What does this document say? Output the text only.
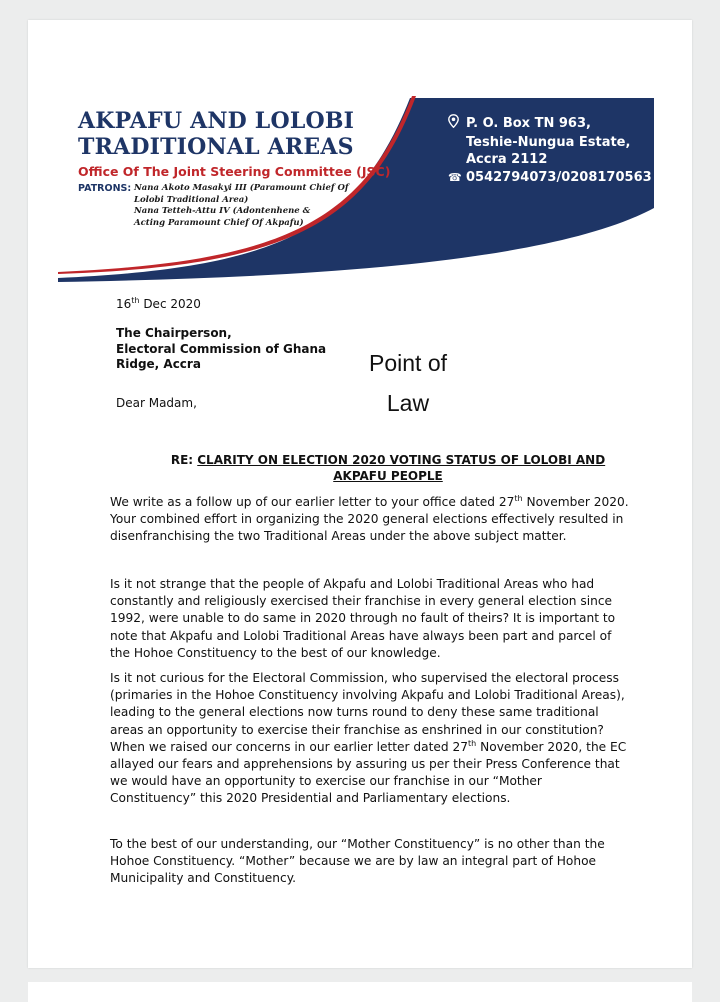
AKPAFU AND LOLOBI
TRADITIONAL AREAS
Office Of The Joint Steering Committee (JSC)
PATRONS: Nana Akoto Masakyi III (Paramount Chief Of
Lolobi Traditional Area)
Nana Tetteh-Attu IV (Adontenhene &
Acting Paramount Chief Of Akpafu)
P. O. Box TN 963,
Teshie-Nungua Estate,
Accra 2112
☎ 0542794073/0208170563
16th Dec 2020
The Chairperson,
Electoral Commission of Ghana
Ridge, Accra	Point of
Law
Dear Madam,
RE: CLARITY ON ELECTION 2020 VOTING STATUS OF LOLOBI AND
AKPAFU PEOPLE
We write as a follow up of our earlier letter to your office dated 27th November 2020. Your combined effort in organizing the 2020 general elections effectively resulted in disenfranchising the two Traditional Areas under the above subject matter.
Is it not strange that the people of Akpafu and Lolobi Traditional Areas who had constantly and religiously exercised their franchise in every general election since 1992, were unable to do same in 2020 through no fault of theirs? It is important to note that Akpafu and Lolobi Traditional Areas have always been part and parcel of the Hohoe Constituency to the best of our knowledge.
Is it not curious for the Electoral Commission, who supervised the electoral process (primaries in the Hohoe Constituency involving Akpafu and Lolobi Traditional Areas), leading to the general elections now turns round to deny these same traditional areas an opportunity to exercise their franchise as enshrined in our constitution? When we raised our concerns in our earlier letter dated 27th November 2020, the EC allayed our fears and apprehensions by assuring us per their Press Conference that we would have an opportunity to exercise our franchise in our “Mother Constituency” this 2020 Presidential and Parliamentary elections.
To the best of our understanding, our “Mother Constituency” is no other than the Hohoe Constituency. “Mother” because we are by law an integral part of Hohoe Municipality and Constituency.
